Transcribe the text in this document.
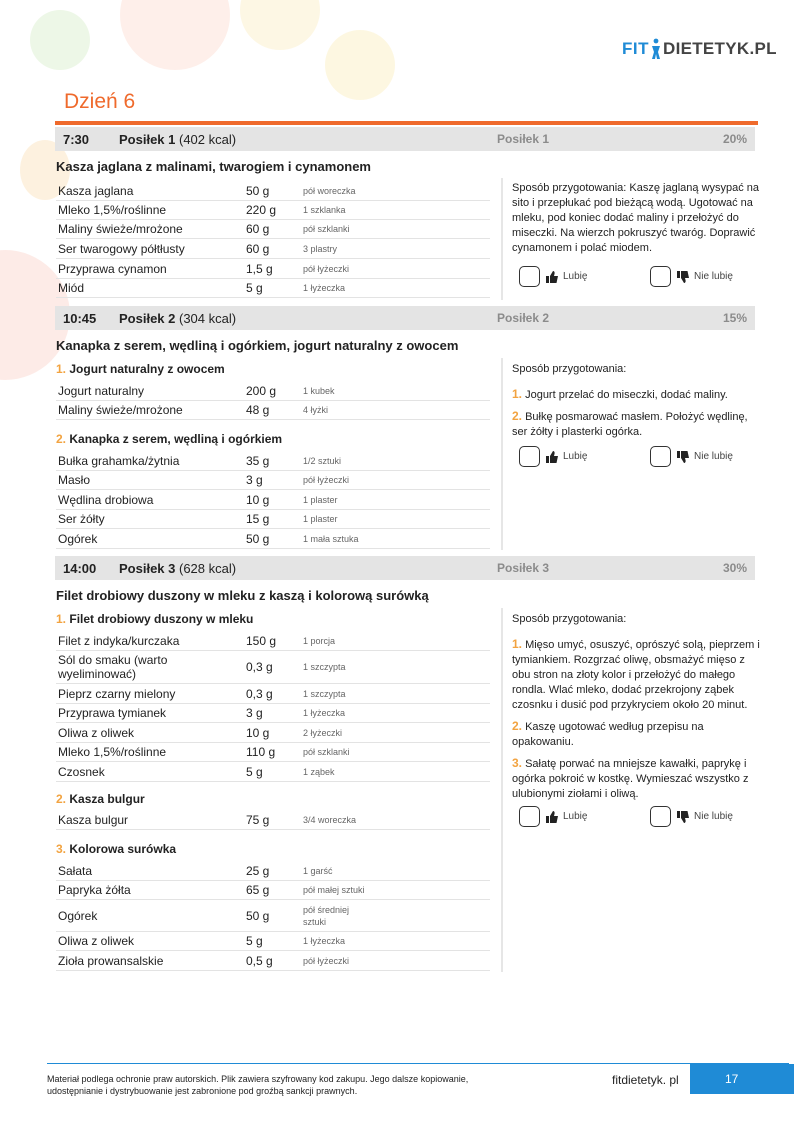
FIT DIETETYK.PL
Dzień 6
7:30	Posiłek 1 (402 kcal)	Posiłek 1	20%
Kasza jaglana z malinami, twarogiem i cynamonem
Kasza jaglana	50 g	pół woreczka
Mleko 1,5%/roślinne	220 g	1 szklanka
Maliny świeże/mrożone	60 g	pół szklanki
Ser twarogowy półtłusty	60 g	3 plastry
Przyprawa cynamon	1,5 g	pół łyżeczki
Miód	5 g	1 łyżeczka

Sposób przygotowania: Kaszę jaglaną wysypać na sito i przepłukać pod bieżącą wodą. Ugotować na mleku, pod koniec dodać maliny i przełożyć do miseczki. Na wierzch pokruszyć twaróg. Doprawić cynamonem i polać miodem.

Lubię	Nie lubię
10:45	Posiłek 2 (304 kcal)	Posiłek 2	15%
Kanapka z serem, wędliną i ogórkiem, jogurt naturalny z owocem
1. Jogurt naturalny z owocem
Jogurt naturalny	200 g	1 kubek
Maliny świeże/mrożone	48 g	4 łyżki
2. Kanapka z serem, wędliną i ogórkiem
Bułka grahamka/żytnia	35 g	1/2 sztuki
Masło	3 g	pół łyżeczki
Wędlina drobiowa	10 g	1 plaster
Ser żółty	15 g	1 plaster
Ogórek	50 g	1 mała sztuka

Sposób przygotowania:

1. Jogurt przelać do miseczki, dodać maliny.

2. Bułkę posmarować masłem. Położyć wędlinę, ser żółty i plasterki ogórka.

Lubię	Nie lubię
14:00	Posiłek 3 (628 kcal)	Posiłek 3	30%
Filet drobiowy duszony w mleku z kaszą i kolorową surówką
1. Filet drobiowy duszony w mleku
Filet z indyka/kurczaka	150 g	1 porcja
Sól do smaku (warto wyeliminować)	0,3 g	1 szczypta
Pieprz czarny mielony	0,3 g	1 szczypta
Przyprawa tymianek	3 g	1 łyżeczka
Oliwa z oliwek	10 g	2 łyżeczki
Mleko 1,5%/roślinne	110 g	pół szklanki
Czosnek	5 g	1 ząbek
2. Kasza bulgur
Kasza bulgur	75 g	3/4 woreczka
3. Kolorowa surówka
Sałata	25 g	1 garść
Papryka żółta	65 g	pół małej sztuki
Ogórek	50 g	pół średniej sztuki
Oliwa z oliwek	5 g	1 łyżeczka
Zioła prowansalskie	0,5 g	pół łyżeczki

Sposób przygotowania:

1. Mięso umyć, osuszyć, oprószyć solą, pieprzem i tymiankiem. Rozgrzać oliwę, obsmażyć mięso z obu stron na złoty kolor i przełożyć do małego rondla. Wlać mleko, dodać przekrojony ząbek czosnku i dusić pod przykryciem około 20 minut.

2. Kaszę ugotować według przepisu na opakowaniu.

3. Sałatę porwać na mniejsze kawałki, paprykę i ogórka pokroić w kostkę. Wymieszać wszystko z ulubionymi ziołami i oliwą.

Lubię	Nie lubię
Materiał podlega ochronie praw autorskich. Plik zawiera szyfrowany kod zakupu. Jego dalsze kopiowanie, udostępnianie i dystrybuowanie jest zabronione pod groźbą sankcji prawnych.
fitdietetyk. pl	17
